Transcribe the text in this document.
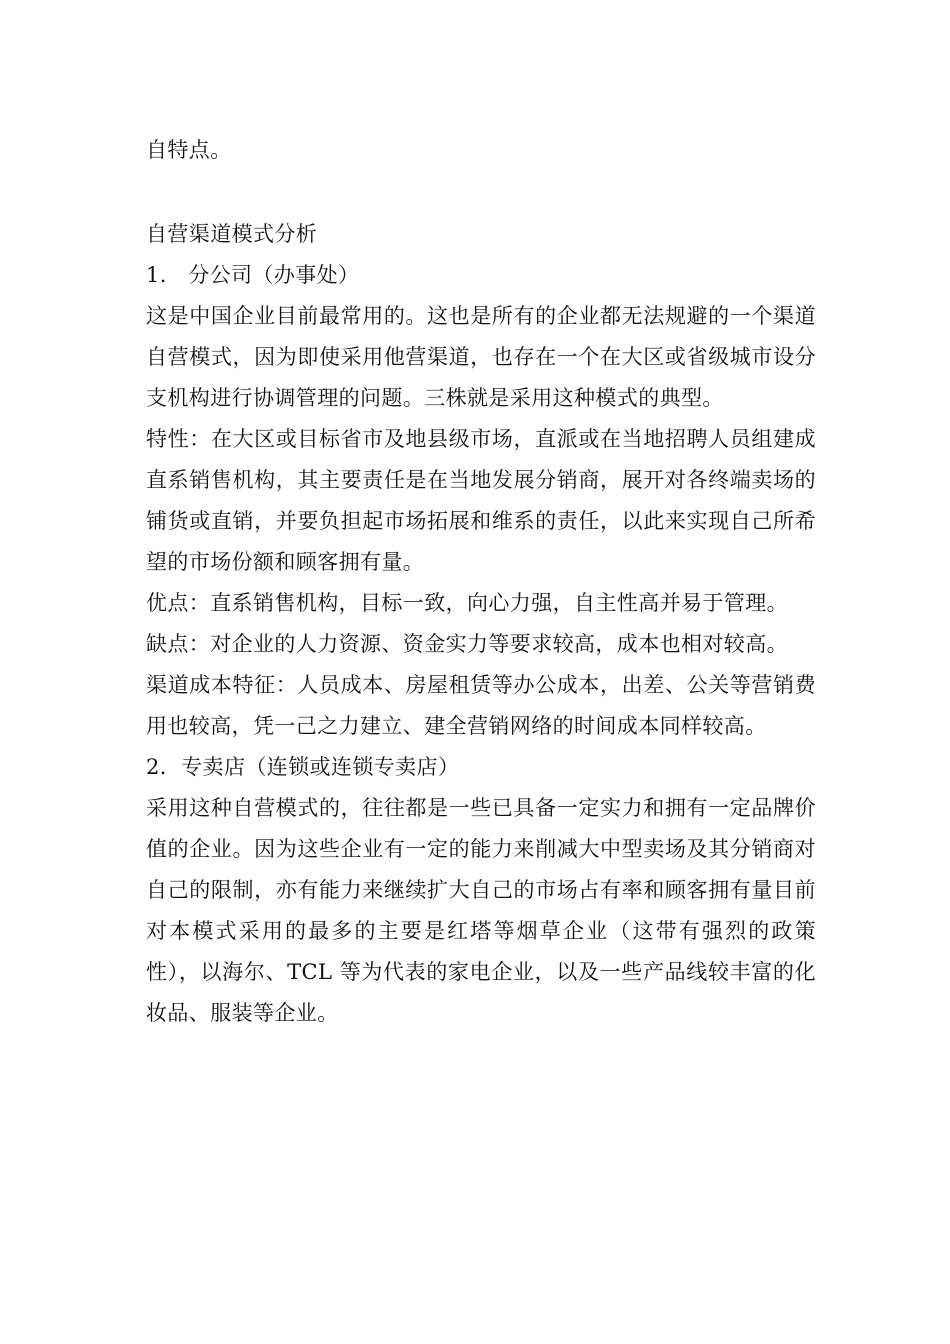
自特点。

自营渠道模式分析

1.　分公司（办事处）

这是中国企业目前最常用的。这也是所有的企业都无法规避的一个渠道自营模式，因为即使采用他营渠道，也存在一个在大区或省级城市设分支机构进行协调管理的问题。三株就是采用这种模式的典型。

特性：在大区或目标省市及地县级市场，直派或在当地招聘人员组建成直系销售机构，其主要责任是在当地发展分销商，展开对各终端卖场的铺货或直销，并要负担起市场拓展和维系的责任，以此来实现自己所希望的市场份额和顾客拥有量。

优点：直系销售机构，目标一致，向心力强，自主性高并易于管理。

缺点：对企业的人力资源、资金实力等要求较高，成本也相对较高。

渠道成本特征：人员成本、房屋租赁等办公成本，出差、公关等营销费用也较高，凭一己之力建立、建全营销网络的时间成本同样较高。

2．专卖店（连锁或连锁专卖店）

采用这种自营模式的，往往都是一些已具备一定实力和拥有一定品牌价值的企业。因为这些企业有一定的能力来削减大中型卖场及其分销商对自己的限制，亦有能力来继续扩大自己的市场占有率和顾客拥有量目前对本模式采用的最多的主要是红塔等烟草企业（这带有强烈的政策性），以海尔、TCL 等为代表的家电企业，以及一些产品线较丰富的化妆品、服装等企业。
